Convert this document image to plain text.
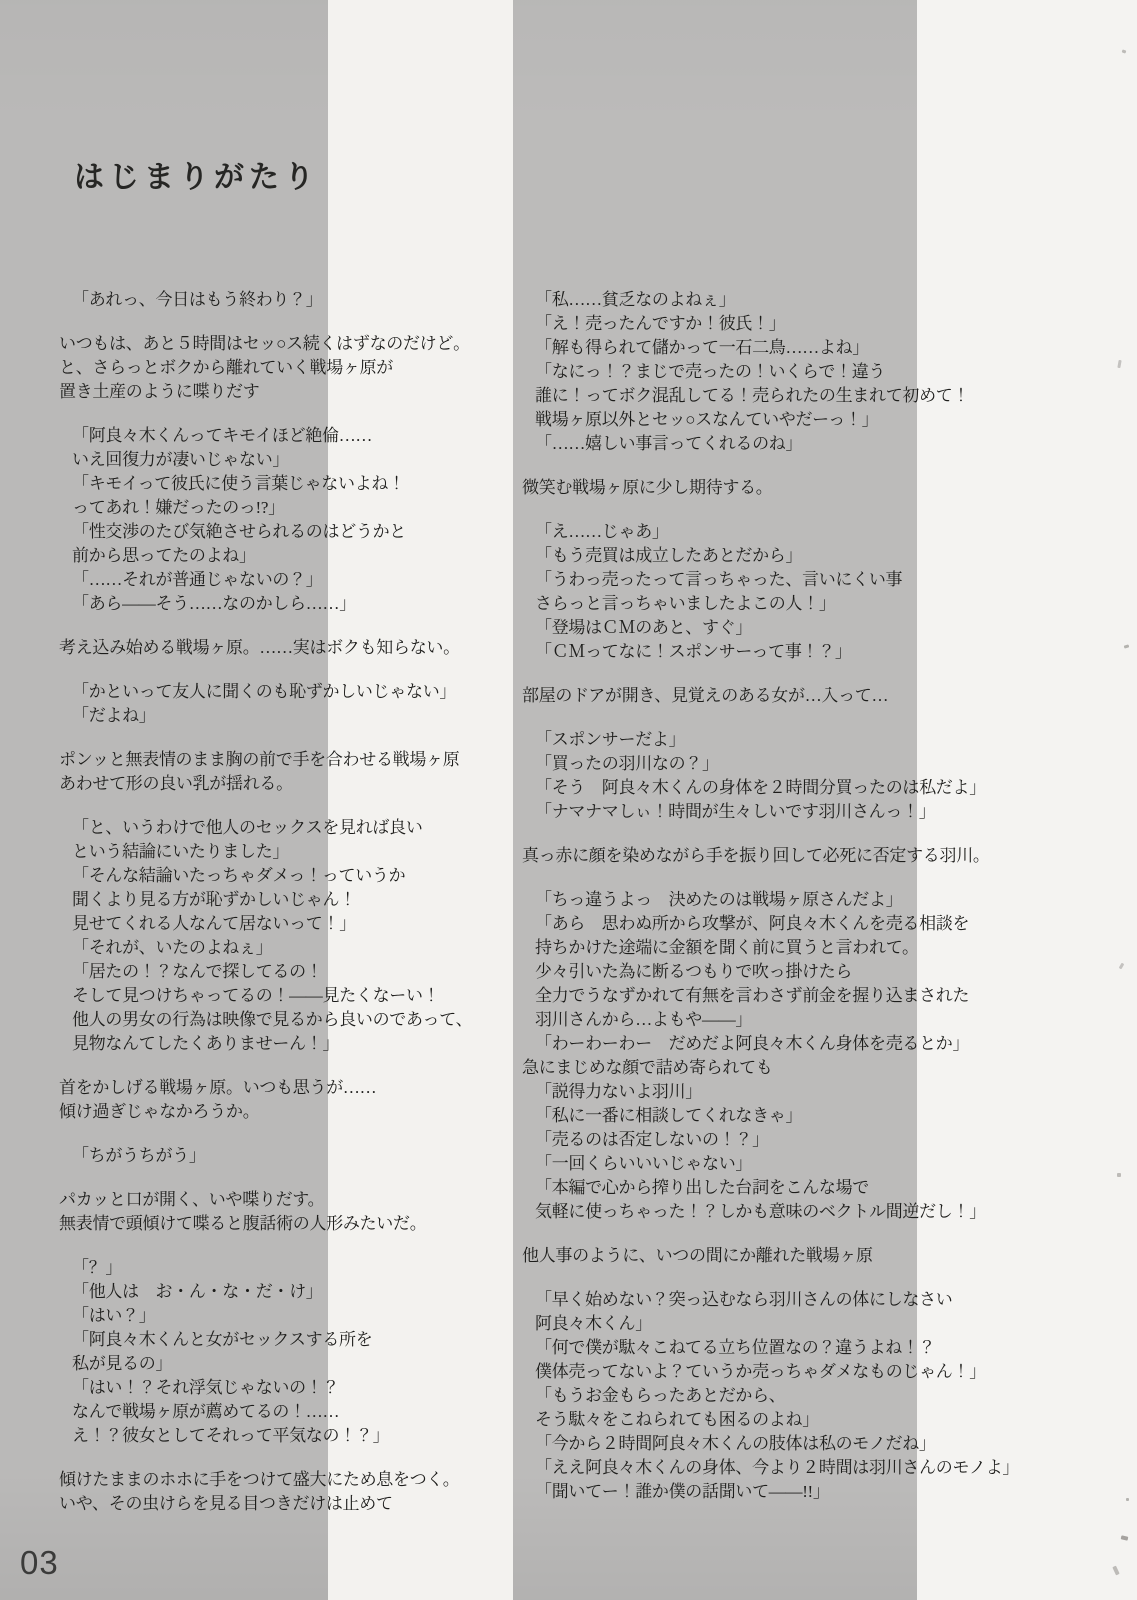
はじまりがたり
「あれっ、今日はもう終わり？」
いつもは、あと５時間はセッ○ス続くはずなのだけど。
と、さらっとボクから離れていく戦場ヶ原が
置き土産のように喋りだす
「阿良々木くんってキモイほど絶倫……
いえ回復力が凄いじゃない」
「キモイって彼氏に使う言葉じゃないよね！
ってあれ！嫌だったのっ!?」
「性交渉のたび気絶させられるのはどうかと
前から思ってたのよね」
「……それが普通じゃないの？」
「あら――そう……なのかしら……」
考え込み始める戦場ヶ原。……実はボクも知らない。
「かといって友人に聞くのも恥ずかしいじゃない」
「だよね」
ポンッと無表情のまま胸の前で手を合わせる戦場ヶ原
あわせて形の良い乳が揺れる。
「と、いうわけで他人のセックスを見れば良い
という結論にいたりました」
「そんな結論いたっちゃダメっ！っていうか
聞くより見る方が恥ずかしいじゃん！
見せてくれる人なんて居ないって！」
「それが、いたのよねぇ」
「居たの！？なんで探してるの！
そして見つけちゃってるの！――見たくなーい！
他人の男女の行為は映像で見るから良いのであって、
見物なんてしたくありませーん！」
首をかしげる戦場ヶ原。いつも思うが……
傾け過ぎじゃなかろうか。
「ちがうちがう」
パカッと口が開く、いや喋りだす。
無表情で頭傾けて喋ると腹話術の人形みたいだ。
「？」
「他人は　お・ん・な・だ・け」
「はい？」
「阿良々木くんと女がセックスする所を
私が見るの」
「はい！？それ浮気じゃないの！？
なんで戦場ヶ原が薦めてるの！……
え！？彼女としてそれって平気なの！？」
傾けたままのホホに手をつけて盛大にため息をつく。
いや、その虫けらを見る目つきだけは止めて
「私……貧乏なのよねぇ」
「え！売ったんですか！彼氏！」
「解も得られて儲かって一石二鳥……よね」
「なにっ！？まじで売ったの！いくらで！違う
誰に！ってボク混乱してる！売られたの生まれて初めて！
戦場ヶ原以外とセッ○スなんていやだーっ！」
「……嬉しい事言ってくれるのね」
微笑む戦場ヶ原に少し期待する。
「え……じゃあ」
「もう売買は成立したあとだから」
「うわっ売ったって言っちゃった、言いにくい事
さらっと言っちゃいましたよこの人！」
「登場はＣＭのあと、すぐ」
「ＣＭってなに！スポンサーって事！？」
部屋のドアが開き、見覚えのある女が…入って…
「スポンサーだよ」
「買ったの羽川なの？」
「そう　阿良々木くんの身体を２時間分買ったのは私だよ」
「ナマナマしぃ！時間が生々しいです羽川さんっ！」
真っ赤に顔を染めながら手を振り回して必死に否定する羽川。
「ちっ違うよっ　決めたのは戦場ヶ原さんだよ」
「あら　思わぬ所から攻撃が、阿良々木くんを売る相談を
持ちかけた途端に金額を聞く前に買うと言われて。
少々引いた為に断るつもりで吹っ掛けたら
全力でうなずかれて有無を言わさず前金を握り込まされた
羽川さんから…よもや――」
「わーわーわー　だめだよ阿良々木くん身体を売るとか」
急にまじめな顔で詰め寄られても
「説得力ないよ羽川」
「私に一番に相談してくれなきゃ」
「売るのは否定しないの！？」
「一回くらいいいじゃない」
「本編で心から搾り出した台詞をこんな場で
気軽に使っちゃった！？しかも意味のベクトル間逆だし！」
他人事のように、いつの間にか離れた戦場ヶ原
「早く始めない？突っ込むなら羽川さんの体にしなさい
阿良々木くん」
「何で僕が駄々こねてる立ち位置なの？違うよね！？
僕体売ってないよ？ていうか売っちゃダメなものじゃん！」
「もうお金もらったあとだから、
そう駄々をこねられても困るのよね」
「今から２時間阿良々木くんの肢体は私のモノだね」
「ええ阿良々木くんの身体、今より２時間は羽川さんのモノよ」
「聞いてー！誰か僕の話聞いて――!!」
03
